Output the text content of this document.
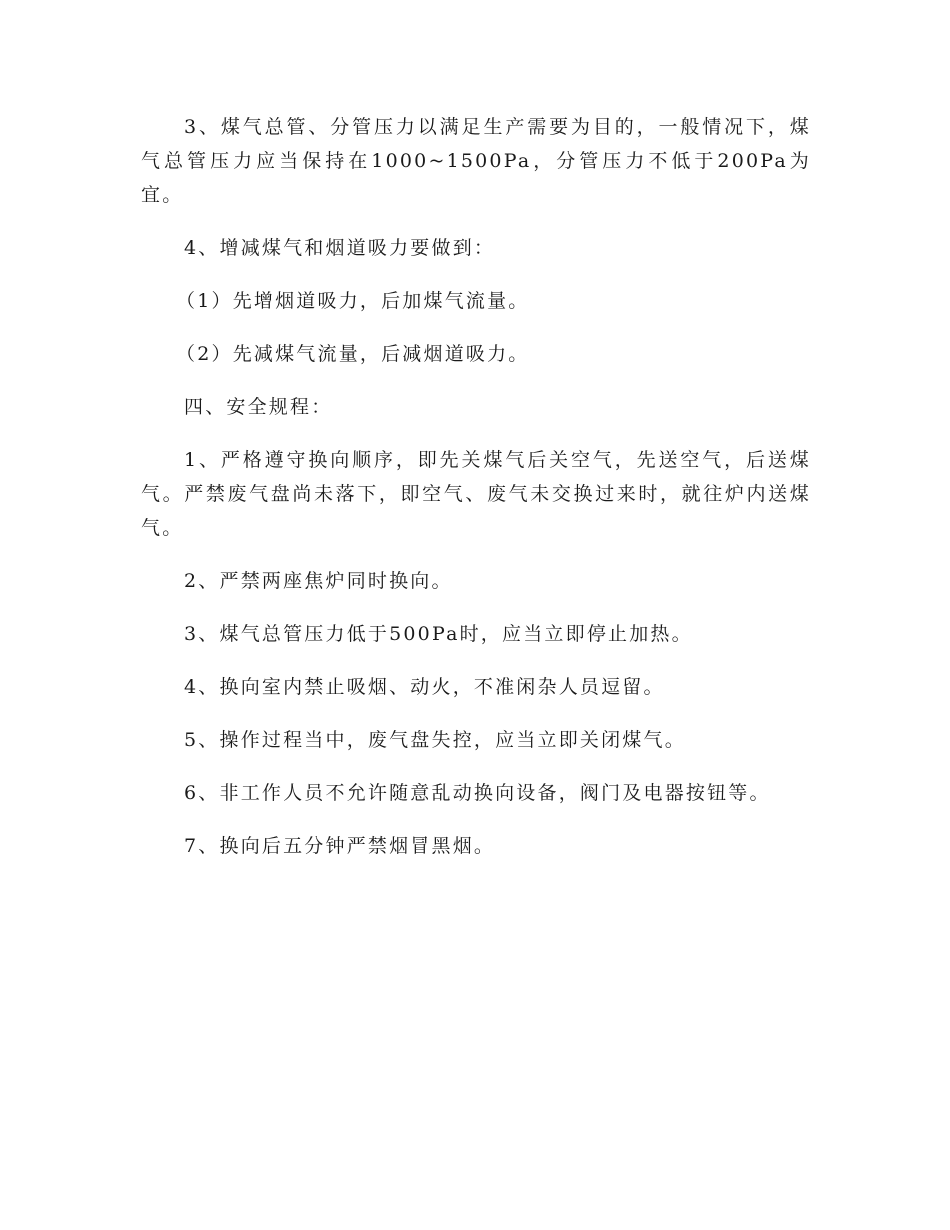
3、煤气总管、分管压力以满足生产需要为目的，一般情况下，煤气总管压力应当保持在1000~1500Pa，分管压力不低于200Pa为宜。

4、增减煤气和烟道吸力要做到：

（1）先增烟道吸力，后加煤气流量。

（2）先减煤气流量，后减烟道吸力。

四、安全规程：

1、严格遵守换向顺序，即先关煤气后关空气，先送空气，后送煤气。严禁废气盘尚未落下，即空气、废气未交换过来时，就往炉内送煤气。

2、严禁两座焦炉同时换向。

3、煤气总管压力低于500Pa时，应当立即停止加热。

4、换向室内禁止吸烟、动火，不准闲杂人员逗留。

5、操作过程当中，废气盘失控，应当立即关闭煤气。

6、非工作人员不允许随意乱动换向设备，阀门及电器按钮等。

7、换向后五分钟严禁烟冒黑烟。
